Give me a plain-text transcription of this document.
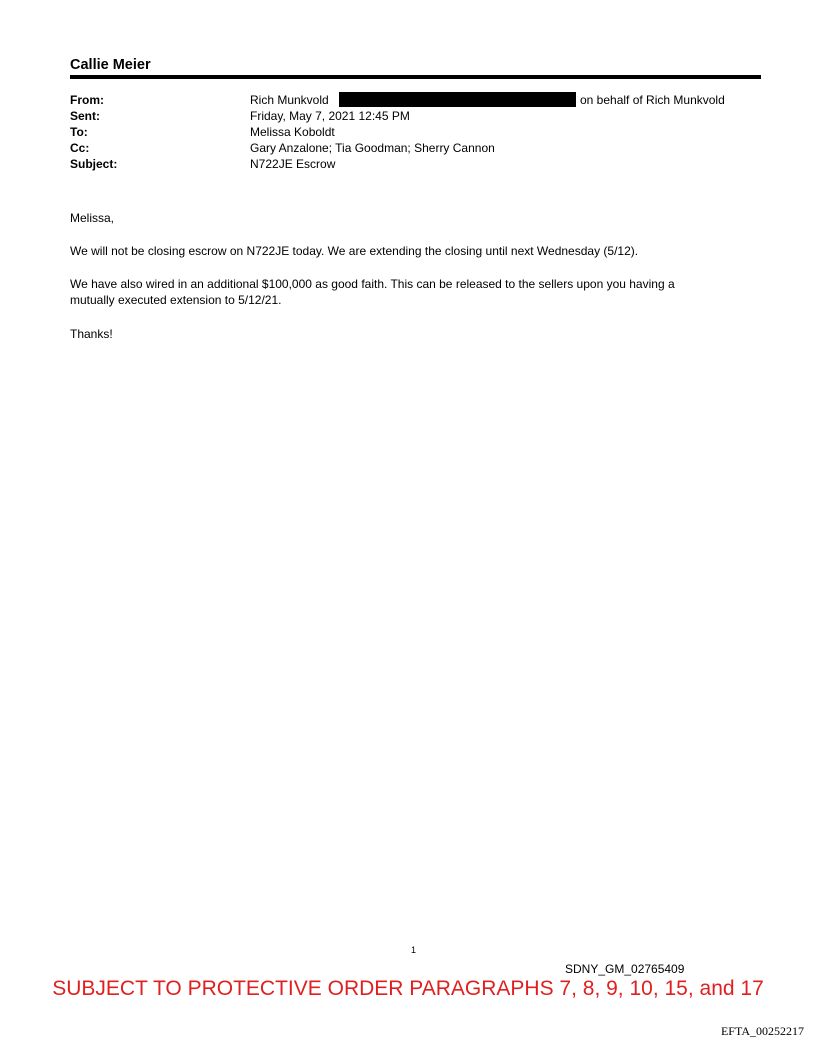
Callie Meier
From:	Rich Munkvold	on behalf of Rich Munkvold
Sent:	Friday, May 7, 2021 12:45 PM
To:	Melissa Koboldt
Cc:	Gary Anzalone; Tia Goodman; Sherry Cannon
Subject:	N722JE Escrow
Melissa,
We will not be closing escrow on N722JE today. We are extending the closing until next Wednesday (5/12).
We have also wired in an additional $100,000 as good faith. This can be released to the sellers upon you having a
mutually executed extension to 5/12/21.
Thanks!
1
SDNY_GM_02765409
SUBJECT TO PROTECTIVE ORDER PARAGRAPHS 7, 8, 9, 10, 15, and 17
EFTA_00252217
